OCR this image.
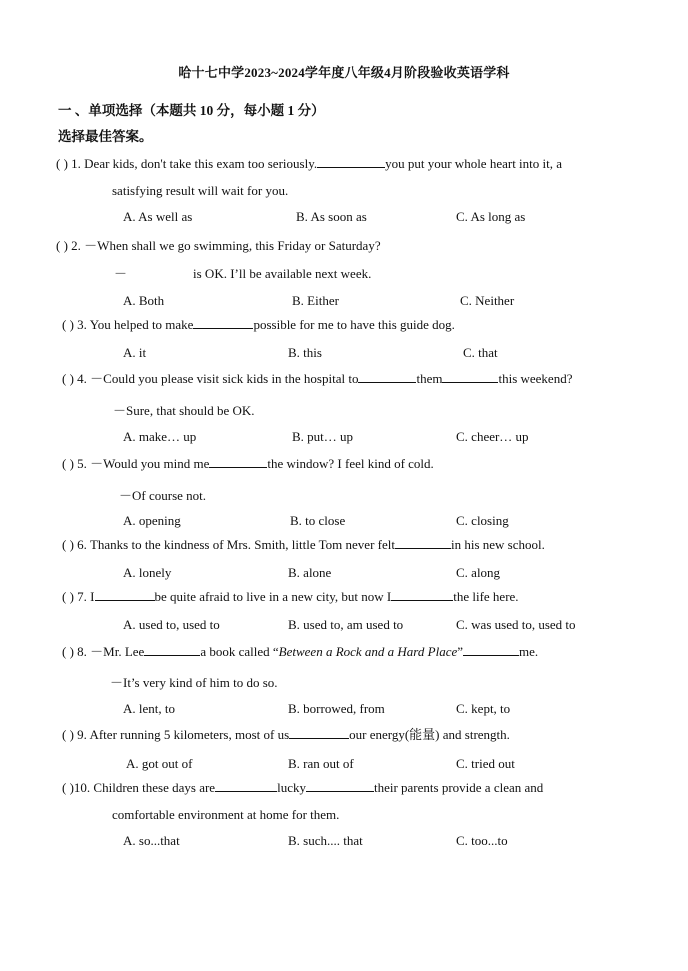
哈十七中学2023~2024学年度八年级4月阶段验收英语学科
一 、单项选择（本题共 10 分，每小题 1 分）
选择最佳答案。
( ) 1. Dear kids, don't take this exam too seriously.	you put your whole heart into it, a
satisfying result will wait for you.
A. As well as	B. As soon as	C. As long as
( ) 2. －When shall we go swimming, this Friday or Saturday?
－	is OK. I’ll be available next week.
A. Both	B. Either	C. Neither
( ) 3. You helped to make	possible for me to have this guide dog.
A. it	B. this	C. that
( ) 4. －Could you please visit sick kids in the hospital to	them	this weekend?
－Sure, that should be OK.
A. make… up	B. put… up	C. cheer… up
( ) 5. －Would you mind me	the window? I feel kind of cold.
－Of course not.
A. opening	B. to close	C. closing
( ) 6. Thanks to the kindness of Mrs. Smith, little Tom never felt	in his new school.
A. lonely	B. alone	C. along
( ) 7. I	be quite afraid to live in a new city, but now I	the life here.
A. used to, used to	B. used to, am used to	C. was used to, used to
( ) 8. －Mr. Lee	a book called “Between a Rock and a Hard Place”	me.
－It’s very kind of him to do so.
A. lent, to	B. borrowed, from	C. kept, to
( ) 9. After running 5 kilometers, most of us	our energy(能量) and strength.
A. got out of	B. ran out of	C. tried out
( )10. Children these days are	lucky	their parents provide a clean and
comfortable environment at home for them.
A. so...that	B. such.... that	C. too...to
